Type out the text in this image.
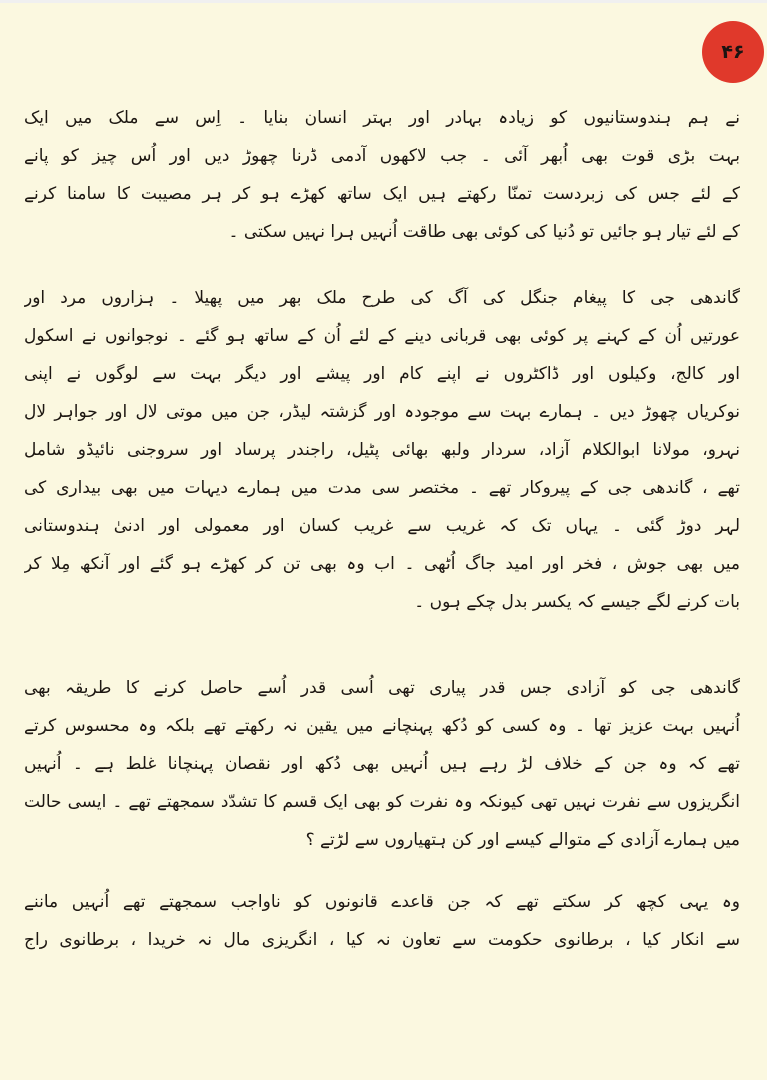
۴۶
نے ہم ہندوستانیوں کو زیادہ بہادر اور بہتر انسان بنایا ۔ اِس سے ملک میں ایک
بہت بڑی قوت بھی اُبھر آئی ۔ جب لاکھوں آدمی ڈرنا چھوڑ دیں اور اُس چیز کو پانے
کے لئے جس کی زبردست تمنّا رکھتے ہیں ایک ساتھ کھڑے ہو کر ہر مصیبت کا سامنا کرنے
کے لئے تیار ہو جائیں تو دُنیا کی کوئی بھی طاقت اُنہیں ہرا نہیں سکتی ۔
گاندھی جی کا پیغام جنگل کی آگ کی طرح ملک بھر میں پھیلا ۔ ہزاروں مرد اور
عورتیں اُن کے کہنے پر کوئی بھی قربانی دینے کے لئے اُن کے ساتھ ہو گئے ۔ نوجوانوں نے اسکول
اور کالج، وکیلوں اور ڈاکٹروں نے اپنے کام اور پیشے اور دیگر بہت سے لوگوں نے اپنی
نوکریاں چھوڑ دیں ۔ ہمارے بہت سے موجودہ اور گزشتہ لیڈر، جن میں موتی لال اور جواہر لال
نہرو، مولانا ابوالکلام آزاد، سردار ولبھ بھائی پٹیل، راجندر پرساد اور سروجنی نائیڈو شامل
تھے ، گاندھی جی کے پیروکار تھے ۔ مختصر سی مدت میں ہمارے دیہات میں بھی بیداری کی
لہر دوڑ گئی ۔ یہاں تک کہ غریب سے غریب کسان اور معمولی اور ادنیٰ ہندوستانی
میں بھی جوش ، فخر اور امید جاگ اُٹھی ۔ اب وہ بھی تن کر کھڑے ہو گئے اور آنکھ مِلا کر
بات کرنے لگے جیسے کہ یکسر بدل چکے ہوں ۔
گاندھی جی کو آزادی جس قدر پیاری تھی اُسی قدر اُسے حاصل کرنے کا طریقہ بھی
اُنہیں بہت عزیز تھا ۔ وہ کسی کو دُکھ پہنچانے میں یقین نہ رکھتے تھے بلکہ وہ محسوس کرتے
تھے کہ وہ جن کے خلاف لڑ رہے ہیں اُنہیں بھی دُکھ اور نقصان پہنچانا غلط ہے ۔ اُنہیں
انگریزوں سے نفرت نہیں تھی کیونکہ وہ نفرت کو بھی ایک قسم کا تشدّد سمجھتے تھے ۔ ایسی حالت
میں ہمارے آزادی کے متوالے کیسے اور کن ہتھیاروں سے لڑتے ؟
وہ یہی کچھ کر سکتے تھے کہ جن قاعدے قانونوں کو ناواجب سمجھتے تھے اُنہیں ماننے
سے انکار کیا ، برطانوی حکومت سے تعاون نہ کیا ، انگریزی مال نہ خریدا ، برطانوی راج
